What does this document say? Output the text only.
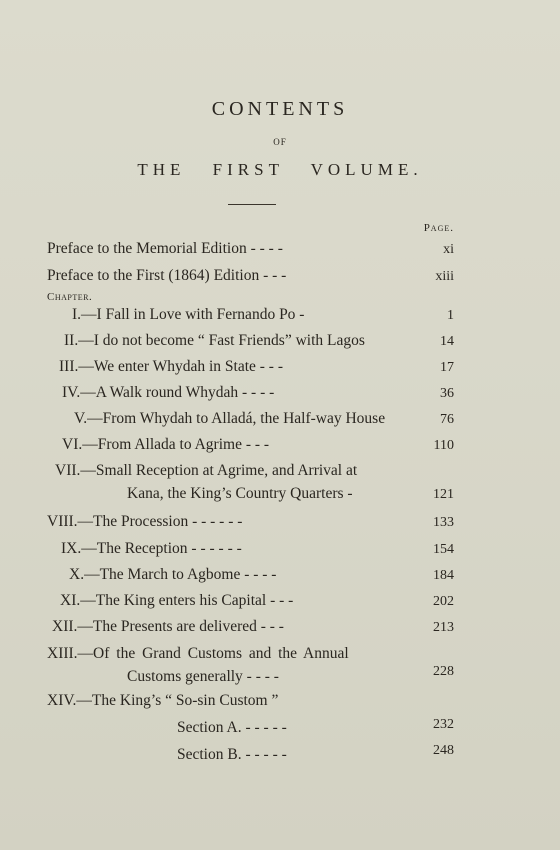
CONTENTS
OF
THE FIRST VOLUME.
Page.
Chapter.
Preface to the Memorial Edition - - - -	xi
Preface to the First (1864) Edition - - -	xiii
I.—I Fall in Love with Fernando Po -	1
II.—I do not become “ Fast Friends” with Lagos	14
III.—We enter Whydah in State - - -	17
IV.—A Walk round Whydah - - - -	36
V.—From Whydah to Alladá, the Half-way House	76
VI.—From Allada to Agrime - - -	110
VII.—Small Reception at Agrime, and Arrival at
Kana, the King’s Country Quarters -	121
VIII.—The Procession - - - - - -	133
IX.—The Reception - - - - - -	154
X.—The March to Agbome - - - -	184
XI.—The King enters his Capital - - -	202
XII.—The Presents are delivered - - -	213
XIII.—Of the Grand Customs and the Annual
Customs generally - - - -	228
XIV.—The King’s “ So-sin Custom ”
Section A. - - - - -	232
Section B. - - - - -	248
